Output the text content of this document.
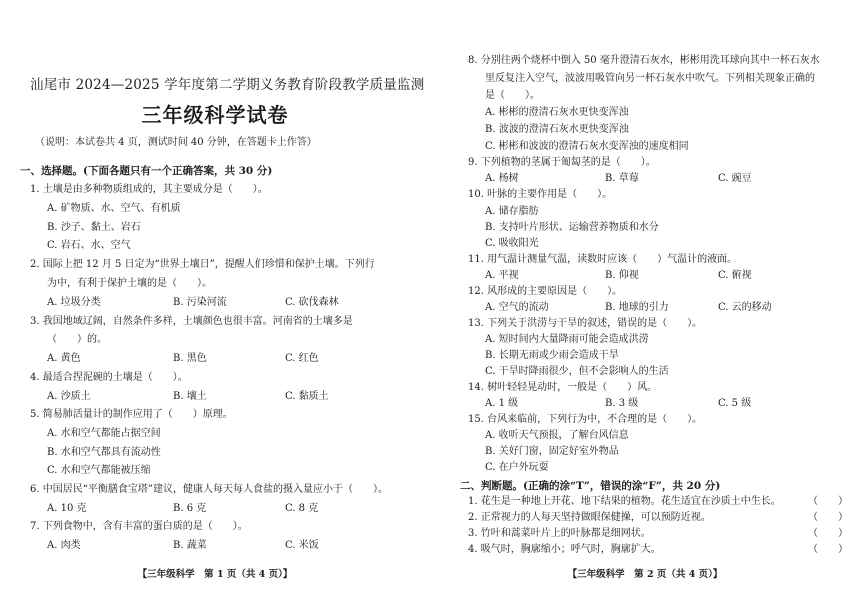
汕尾市 2024—2025 学年度第二学期义务教育阶段教学质量监测
三年级科学试卷
（说明：本试卷共 4 页，测试时间 40 分钟，在答题卡上作答）
一、选择题。(下面各题只有一个正确答案，共 30 分)
1. 土壤是由多种物质组成的，其主要成分是（　　）。
A. 矿物质、水、空气、有机质
B. 沙子、黏土、岩石
C. 岩石、水、空气
2. 国际上把 12 月 5 日定为“世界土壤日”，提醒人们珍惜和保护土壤。下列行
为中，有利于保护土壤的是（　　）。
A. 垃圾分类	B. 污染河流	C. 砍伐森林
3. 我国地域辽阔，自然条件多样，土壤颜色也很丰富。河南省的土壤多是
（　　）的。
A. 黄色	B. 黑色	C. 红色
4. 最适合捏泥碗的土壤是（　　）。
A. 沙质土	B. 壤土	C. 黏质土
5. 简易肺活量计的制作应用了（　　）原理。
A. 水和空气都能占据空间
B. 水和空气都具有流动性
C. 水和空气都能被压缩
6. 中国居民“平衡膳食宝塔”建议，健康人每天每人食盐的摄入量应小于（　　）。
A. 10 克	B. 6 克	C. 8 克
7. 下列食物中，含有丰富的蛋白质的是（　　）。
A. 肉类	B. 蔬菜	C. 米饭
【三年级科学　第 1 页（共 4 页）】
8. 分别往两个烧杯中倒入 50 毫升澄清石灰水，彬彬用洗耳球向其中一杯石灰水
里反复注入空气，波波用吸管向另一杯石灰水中吹气。下列相关现象正确的
是（　　）。
A. 彬彬的澄清石灰水更快变浑浊
B. 波波的澄清石灰水更快变浑浊
C. 彬彬和波波的澄清石灰水变浑浊的速度相同
9. 下列植物的茎属于匍匐茎的是（　　）。
A. 杨树	B. 草莓	C. 豌豆
10. 叶脉的主要作用是（　　）。
A. 储存脂肪
B. 支持叶片形状、运输营养物质和水分
C. 吸收阳光
11. 用气温计测量气温，读数时应该（　　）气温计的液面。
A. 平视	B. 仰视	C. 俯视
12. 风形成的主要原因是（　　）。
A. 空气的流动	B. 地球的引力	C. 云的移动
13. 下列关于洪涝与干旱的叙述，错误的是（　　）。
A. 短时间内大量降雨可能会造成洪涝
B. 长期无雨或少雨会造成干旱
C. 干旱时降雨很少，但不会影响人的生活
14. 树叶轻轻晃动时，一般是（　　）风。
A. 1 级	B. 3 级	C. 5 级
15. 台风来临前，下列行为中，不合理的是（　　）。
A. 收听天气预报，了解台风信息
B. 关好门窗，固定好室外物品
C. 在户外玩耍
二、判断题。(正确的涂“T”，错误的涂“F”，共 20 分)
1. 花生是一种地上开花、地下结果的植物。花生适宜在沙质土中生长。	（　　）
2. 正常视力的人每天坚持做眼保健操，可以预防近视。	（　　）
3. 竹叶和蒿菜叶片上的叶脉都是细网状。	（　　）
4. 吸气时，胸廓缩小；呼气时，胸廓扩大。	（　　）
【三年级科学　第 2 页（共 4 页）】
